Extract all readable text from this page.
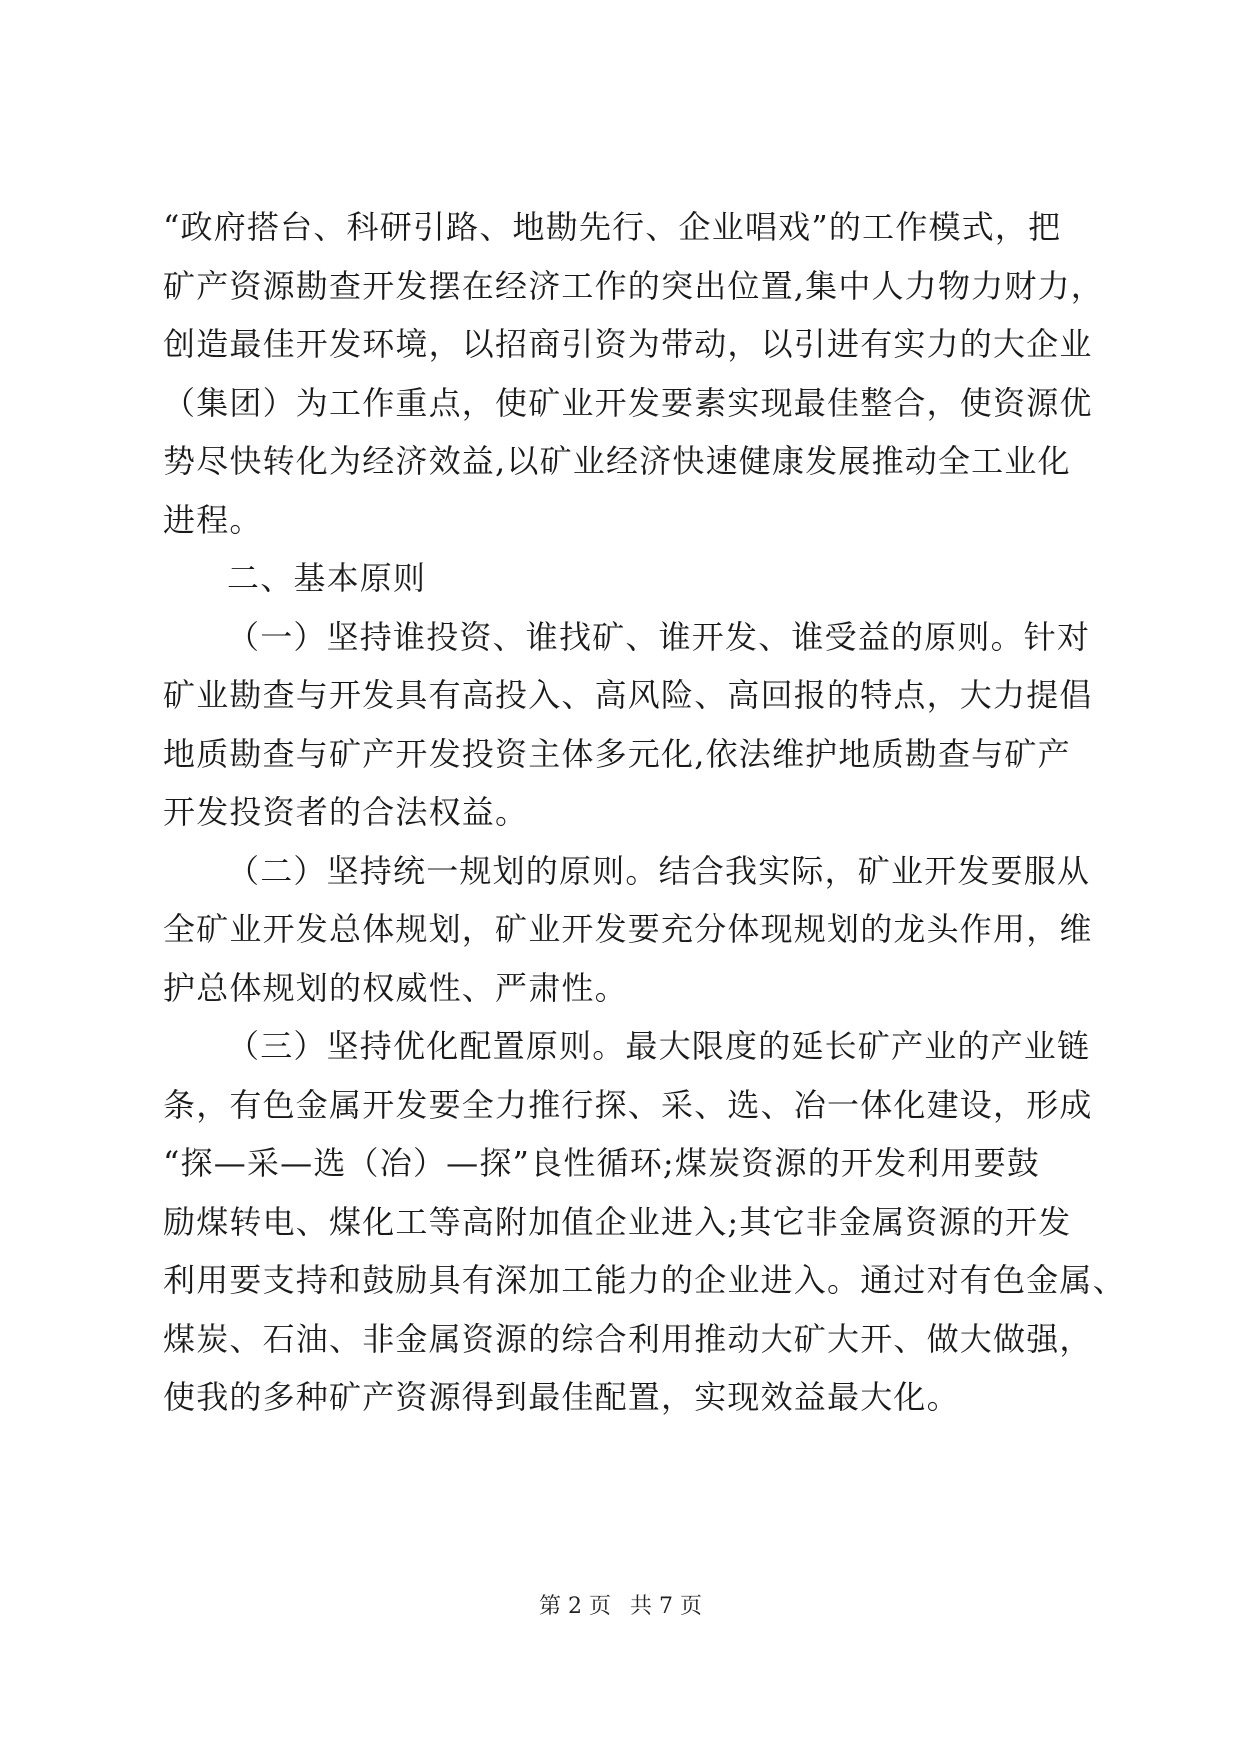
“政府搭台、科研引路、地勘先行、企业唱戏”的工作模式，把
矿产资源勘查开发摆在经济工作的突出位置,集中人力物力财力，
创造最佳开发环境，以招商引资为带动，以引进有实力的大企业
（集团）为工作重点，使矿业开发要素实现最佳整合，使资源优
势尽快转化为经济效益,以矿业经济快速健康发展推动全工业化
进程。
二、基本原则
（一）坚持谁投资、谁找矿、谁开发、谁受益的原则。针对
矿业勘查与开发具有高投入、高风险、高回报的特点，大力提倡
地质勘查与矿产开发投资主体多元化,依法维护地质勘查与矿产
开发投资者的合法权益。
（二）坚持统一规划的原则。结合我实际，矿业开发要服从
全矿业开发总体规划，矿业开发要充分体现规划的龙头作用，维
护总体规划的权威性、严肃性。
（三）坚持优化配置原则。最大限度的延长矿产业的产业链
条，有色金属开发要全力推行探、采、选、冶一体化建设，形成
“探—采—选（冶）—探”良性循环;煤炭资源的开发利用要鼓
励煤转电、煤化工等高附加值企业进入;其它非金属资源的开发
利用要支持和鼓励具有深加工能力的企业进入。通过对有色金属、
煤炭、石油、非金属资源的综合利用推动大矿大开、做大做强，
使我的多种矿产资源得到最佳配置，实现效益最大化。
第 2 页 共 7 页
